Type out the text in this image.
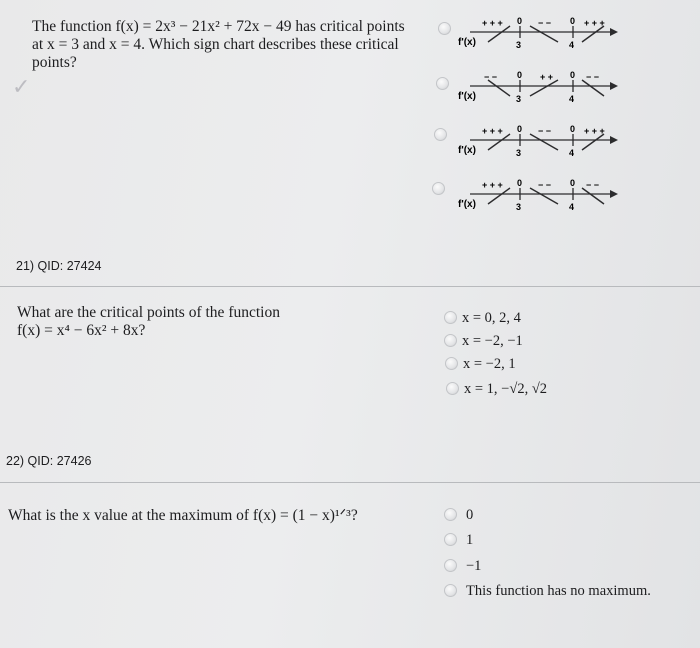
The function f(x) = 2x³ − 21x² + 72x − 49 has critical points
at x = 3 and x = 4. Which sign chart describes these critical
points?
✓
+ + + 0 − − 0 + + +
f'(x)	3	4
− − 0 + + 0 − −
f'(x)	3	4
+ + + 0 − − 0 + + +
f'(x)	3	4
+ + + 0 − − 0 − −
f'(x)	3	4
21) QID: 27424
What are the critical points of the function
f(x) = x⁴ − 6x² + 8x?
x = 0, 2, 4
x = −2, −1
x = −2, 1
x = 1, −√2, √2
22) QID: 27426
What is the x value at the maximum of f(x) = (1 − x)¹ᐟ³?	0
1
−1
This function has no maximum.
